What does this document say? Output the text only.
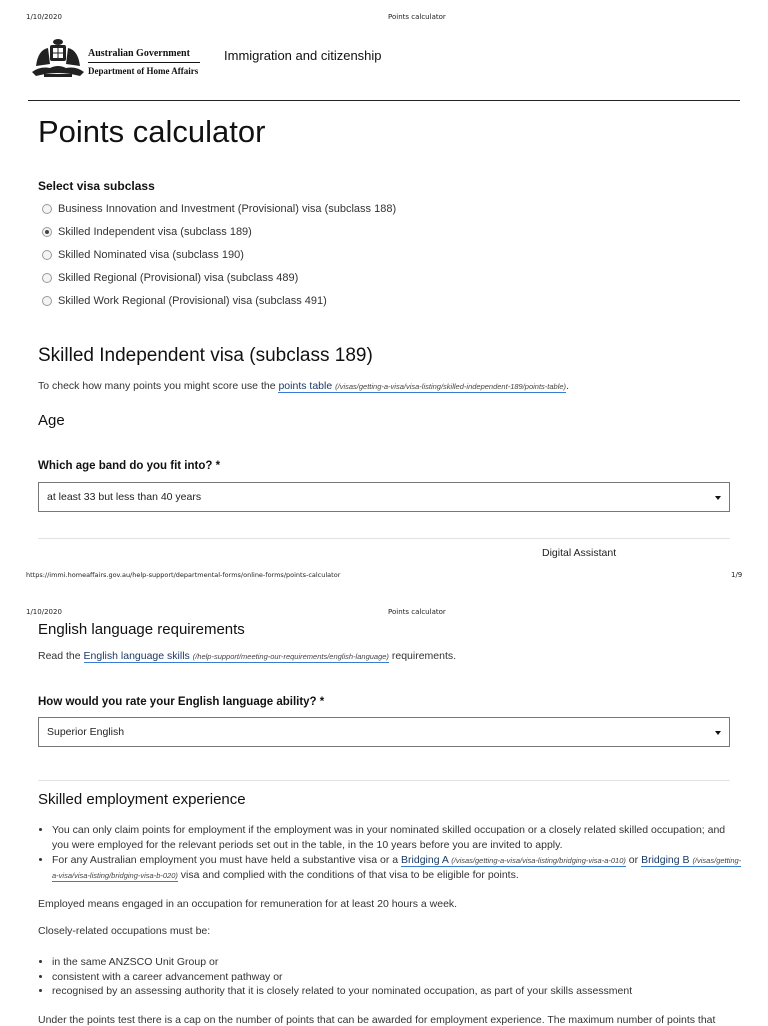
1/10/2020	Points calculator
Australian Government
Department of Home Affairs
Immigration and citizenship
Points calculator
Select visa subclass
Business Innovation and Investment (Provisional) visa (subclass 188)
Skilled Independent visa (subclass 189)
Skilled Nominated visa (subclass 190)
Skilled Regional (Provisional) visa (subclass 489)
Skilled Work Regional (Provisional) visa (subclass 491)
Skilled Independent visa (subclass 189)
To check how many points you might score use the points table (/visas/getting-a-visa/visa-listing/skilled-independent-189/points-table).
Age
Which age band do you fit into? *
at least 33 but less than 40 years
Digital Assistant
https://immi.homeaffairs.gov.au/help-support/departmental-forms/online-forms/points-calculator	1/9
1/10/2020	Points calculator
English language requirements
Read the English language skills (/help-support/meeting-our-requirements/english-language) requirements.
How would you rate your English language ability? *
Superior English
Skilled employment experience
• You can only claim points for employment if the employment was in your nominated skilled occupation or a closely related skilled occupation; and you were employed for the relevant periods set out in the table, in the 10 years before you are invited to apply.
• For any Australian employment you must have held a substantive visa or a Bridging A (/visas/getting-a-visa/visa-listing/bridging-visa-a-010) or Bridging B (/visas/getting-a-visa/visa-listing/bridging-visa-b-020) visa and complied with the conditions of that visa to be eligible for points.
Employed means engaged in an occupation for remuneration for at least 20 hours a week.
Closely-related occupations must be:
• in the same ANZSCO Unit Group or
• consistent with a career advancement pathway or
• recognised by an assessing authority that it is closely related to your nominated occupation, as part of your skills assessment
Under the points test there is a cap on the number of points that can be awarded for employment experience. The maximum number of points that
